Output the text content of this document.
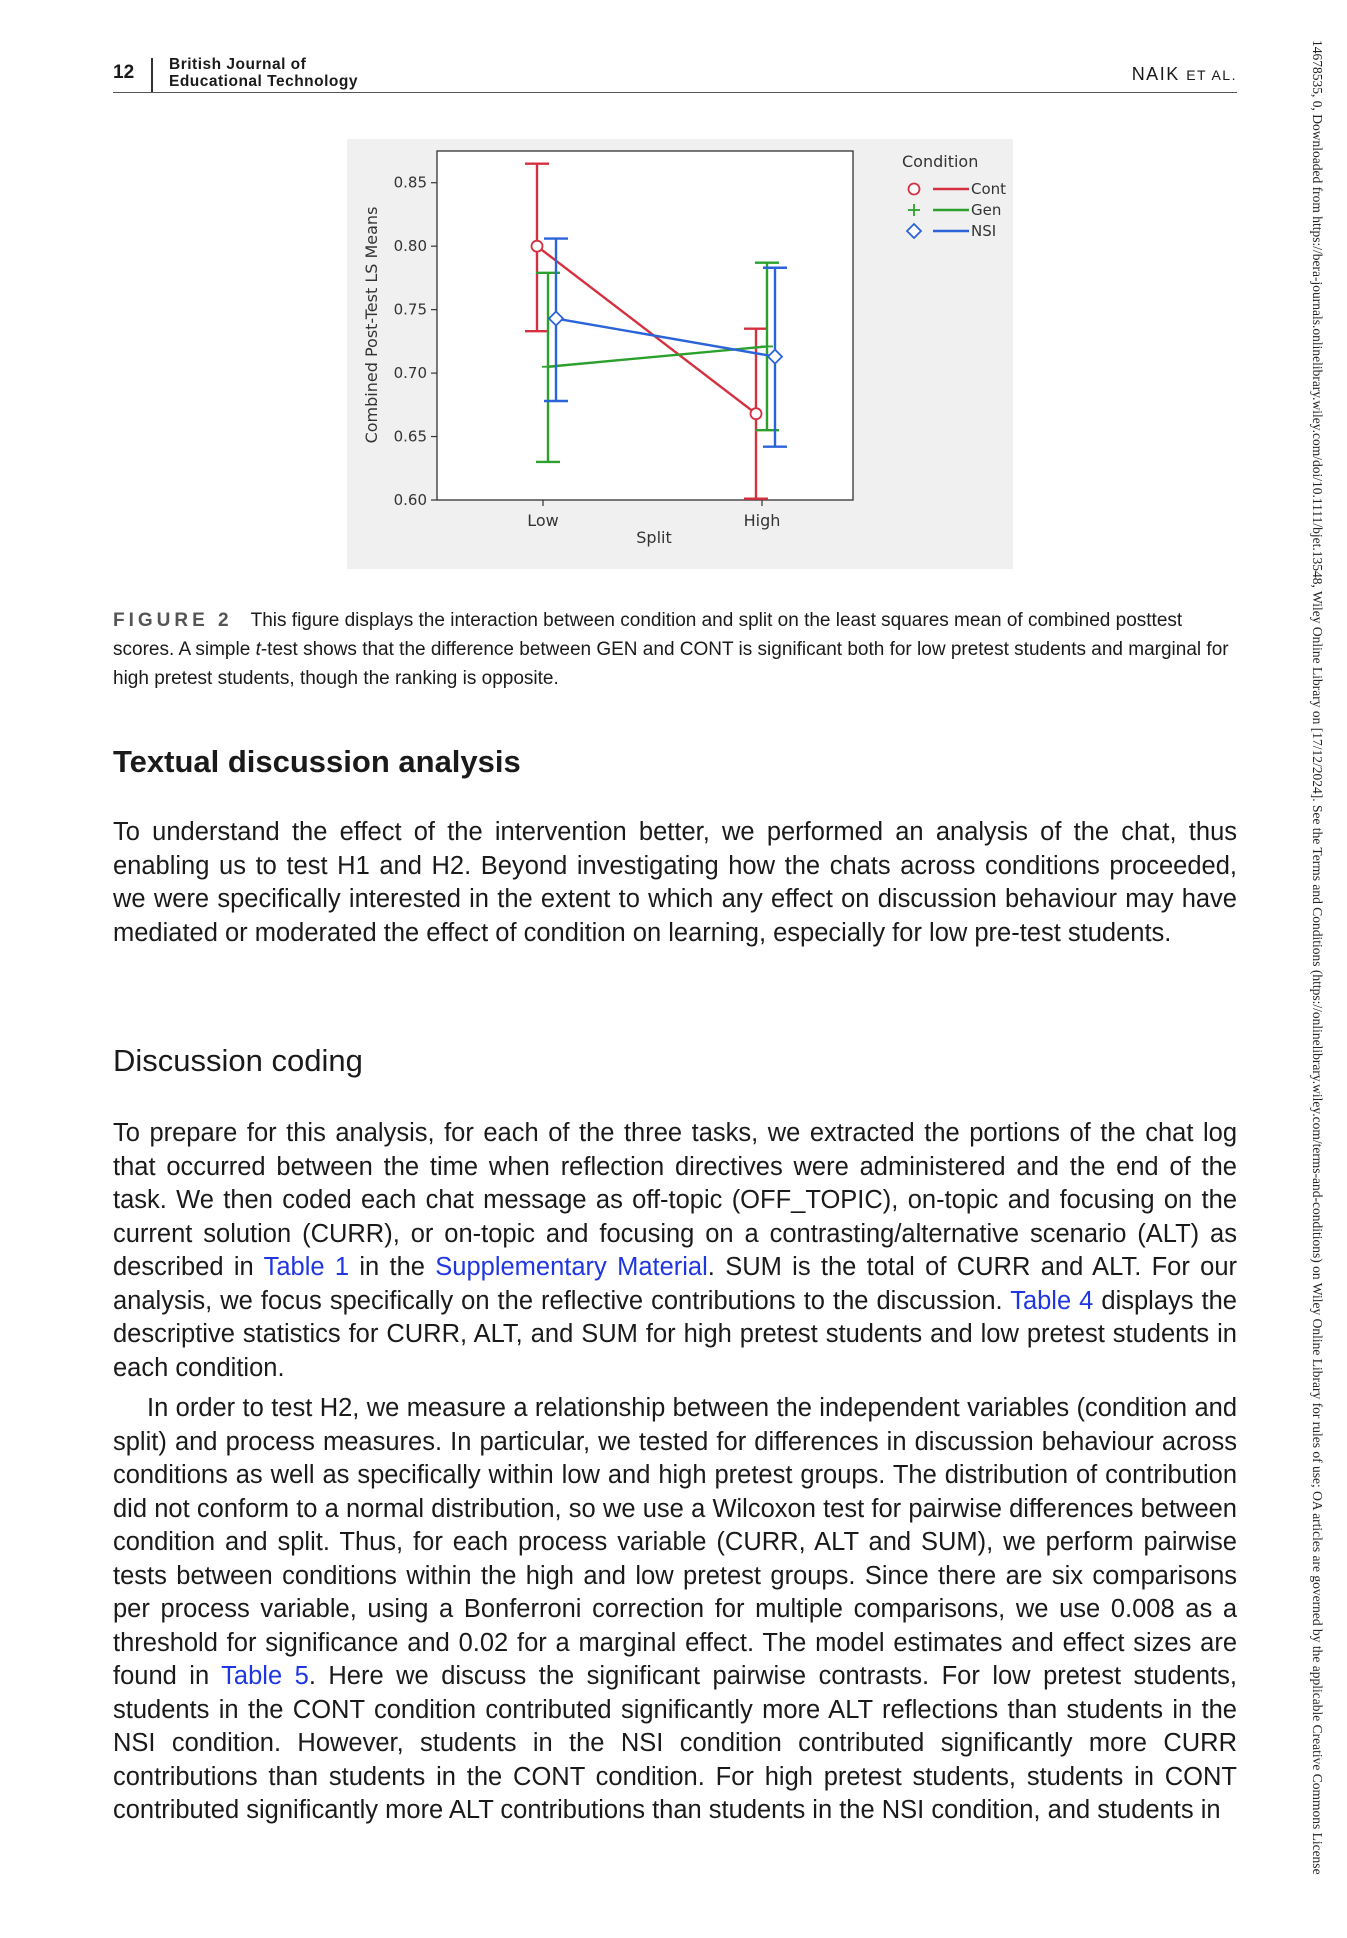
12 British Journal of
Educational Technology	NAIK ET AL.	14678535, 0, Downloaded from https://bera-journals.onlinelibrary.wiley.com/doi/10.1111/bjet.13548, Wiley Online Library on [17/12/2024]. See the Terms and Conditions (https://onlinelibrary.wiley.com/terms-and-conditions) on Wiley Online Library for rules of use; OA articles are governed by the applicable Creative Commons License
0.60
0.65
0.70
0.75
0.80
0.85
Low	High
Combined Post-Test LS Means
Split
Condition
Cont
Gen
NSI
FIGURE 2 This figure displays the interaction between condition and split on the least squares mean of combined posttest scores. A simple t-test shows that the difference between GEN and CONT is significant both for low pretest students and marginal for high pretest students, though the ranking is opposite.
Textual discussion analysis

To understand the effect of the intervention better, we performed an analysis of the chat, thus enabling us to test H1 and H2. Beyond investigating how the chats across conditions proceeded, we were specifically interested in the extent to which any effect on discussion behaviour may have mediated or moderated the effect of condition on learning, especially for low pre-test students.

Discussion coding

To prepare for this analysis, for each of the three tasks, we extracted the portions of the chat log that occurred between the time when reflection directives were administered and the end of the task. We then coded each chat message as off-topic (OFF_TOPIC), on-topic and focusing on the current solution (CURR), or on-topic and focusing on a contrasting/alternative scenario (ALT) as described in Table 1 in the Supplementary Material. SUM is the total of CURR and ALT. For our analysis, we focus specifically on the reflective contributions to the discussion. Table 4 displays the descriptive statistics for CURR, ALT, and SUM for high pretest students and low pretest students in each condition.

In order to test H2, we measure a relationship between the independent variables (condition and split) and process measures. In particular, we tested for differences in discussion behaviour across conditions as well as specifically within low and high pretest groups. The distribution of contribution did not conform to a normal distribution, so we use a Wilcoxon test for pairwise differences between condition and split. Thus, for each process variable (CURR, ALT and SUM), we perform pairwise tests between conditions within the high and low pretest groups. Since there are six comparisons per process variable, using a Bonferroni correction for multiple comparisons, we use 0.008 as a threshold for significance and 0.02 for a marginal effect. The model estimates and effect sizes are found in Table 5. Here we discuss the significant pairwise contrasts. For low pretest students, students in the CONT condition contributed significantly more ALT reflections than students in the NSI condition. However, students in the NSI condition contributed significantly more CURR contributions than students in the CONT condition. For high pretest students, students in CONT contributed significantly more ALT contributions than students in the NSI condition, and students in
